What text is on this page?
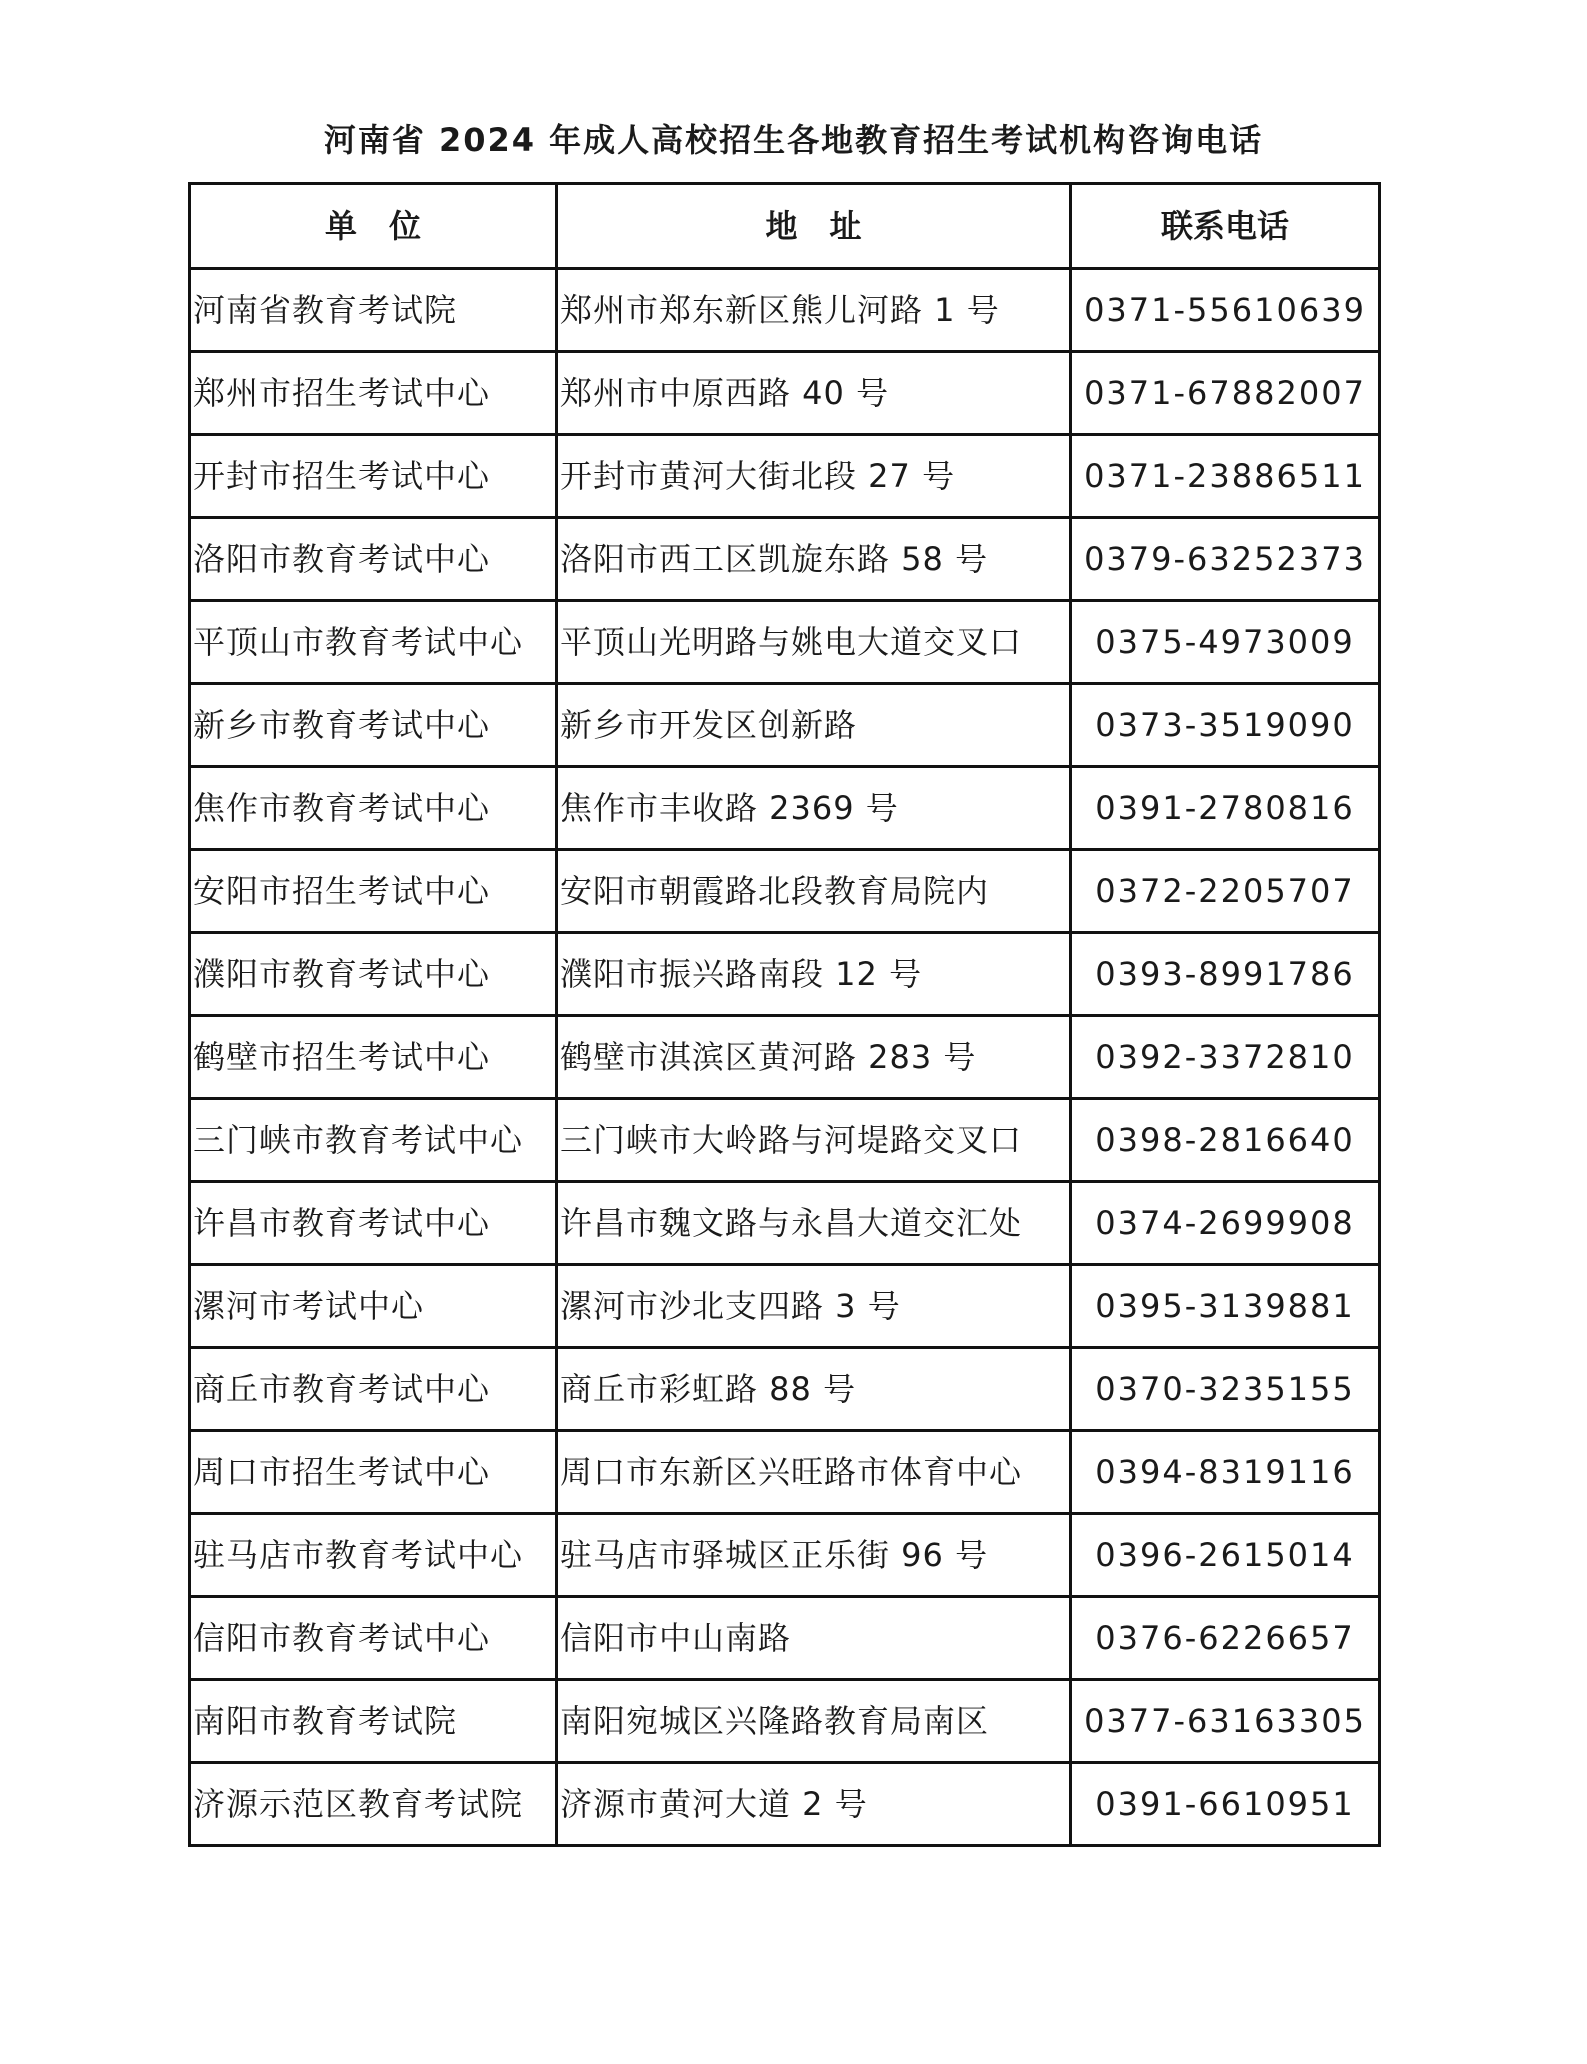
河南省 2024 年成人高校招生各地教育招生考试机构咨询电话
单　位	地　址	联系电话
河南省教育考试院	郑州市郑东新区熊儿河路 1 号	0371-55610639
郑州市招生考试中心	郑州市中原西路 40 号	0371-67882007
开封市招生考试中心	开封市黄河大街北段 27 号	0371-23886511
洛阳市教育考试中心	洛阳市西工区凯旋东路 58 号	0379-63252373
平顶山市教育考试中心	平顶山光明路与姚电大道交叉口	0375-4973009
新乡市教育考试中心	新乡市开发区创新路	0373-3519090
焦作市教育考试中心	焦作市丰收路 2369 号	0391-2780816
安阳市招生考试中心	安阳市朝霞路北段教育局院内	0372-2205707
濮阳市教育考试中心	濮阳市振兴路南段 12 号	0393-8991786
鹤壁市招生考试中心	鹤壁市淇滨区黄河路 283 号	0392-3372810
三门峡市教育考试中心	三门峡市大岭路与河堤路交叉口	0398-2816640
许昌市教育考试中心	许昌市魏文路与永昌大道交汇处	0374-2699908
漯河市考试中心	漯河市沙北支四路 3 号	0395-3139881
商丘市教育考试中心	商丘市彩虹路 88 号	0370-3235155
周口市招生考试中心	周口市东新区兴旺路市体育中心	0394-8319116
驻马店市教育考试中心	驻马店市驿城区正乐街 96 号	0396-2615014
信阳市教育考试中心	信阳市中山南路	0376-6226657
南阳市教育考试院	南阳宛城区兴隆路教育局南区	0377-63163305
济源示范区教育考试院	济源市黄河大道 2 号	0391-6610951
